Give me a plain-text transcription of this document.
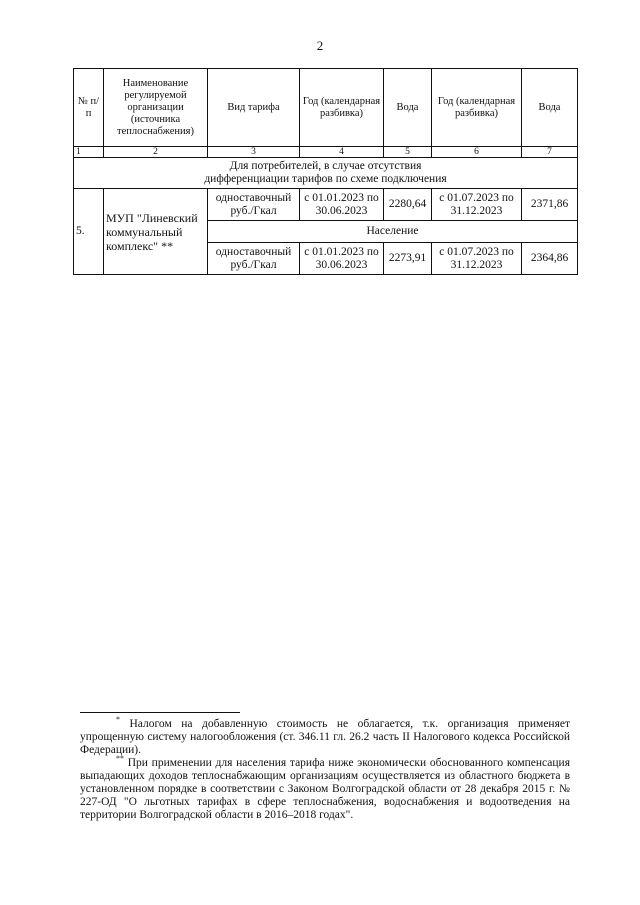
2
№ п/п	Наименование регулируемой организации (источника теплоснабжения)	Вид тарифа	Год (календарная разбивка)	Вода	Год (календарная разбивка)	Вода
1	2	3	4	5	6	7
Для потребителей, в случае отсутствия дифференциации тарифов по схеме подключения						
5.	МУП "Линевский коммунальный комплекс" **	одноставочный руб./Гкал	с 01.01.2023 по 30.06.2023	2280,64	с 01.07.2023 по 31.12.2023	2371,86
		Население				
		одноставочный руб./Гкал	с 01.01.2023 по 30.06.2023	2273,91	с 01.07.2023 по 31.12.2023	2364,86

* Налогом на добавленную стоимость не облагается, т.к. организация применяет упрощенную систему налогообложения (ст. 346.11 гл. 26.2 часть II Налогового кодекса Российской Федерации).

** При применении для населения тарифа ниже экономически обоснованного компенсация выпадающих доходов теплоснабжающим организациям осуществляется из областного бюджета в установленном порядке в соответствии с Законом Волгоградской области от 28 декабря 2015 г. № 227-ОД "О льготных тарифах в сфере теплоснабжения, водоснабжения и водоотведения на территории Волгоградской области в 2016–2018 годах".
